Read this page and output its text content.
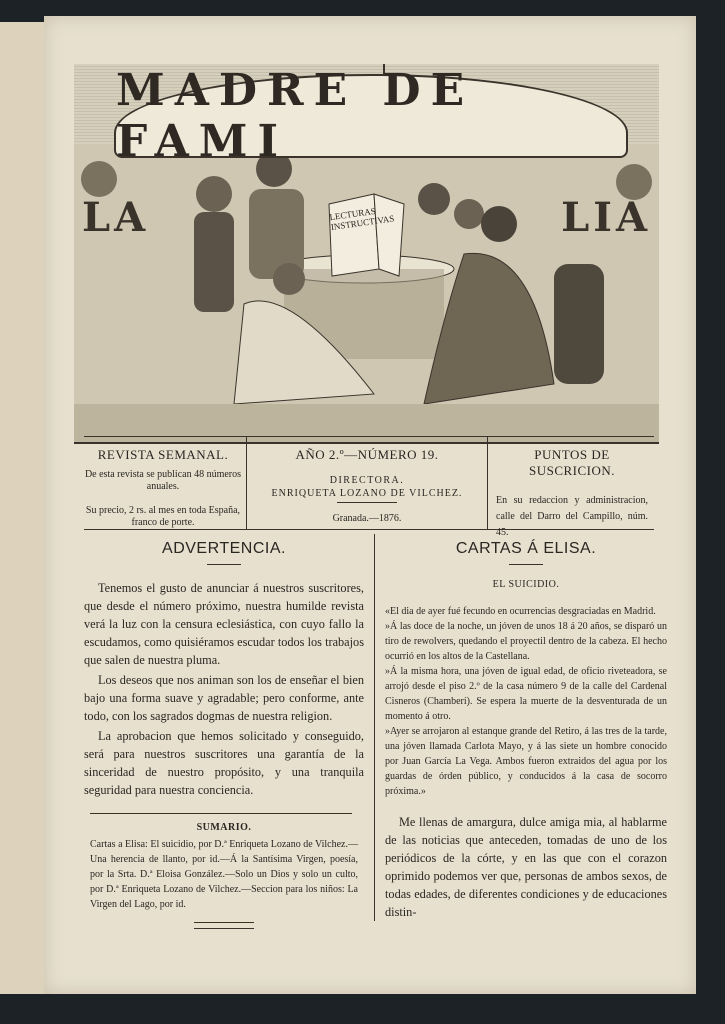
MADRE DE FAMI
LA	LIA
LECTURAS INSTRUCTIVAS
REVISTA SEMANAL.
De esta revista se publican 48 números anuales.
Su precio, 2 rs. al mes en toda España, franco de porte.
AÑO 2.º—NÚMERO 19.
DIRECTORA.
ENRIQUETA LOZANO DE VILCHEZ.
Granada.—1876.
PUNTOS DE SUSCRICION.
En su redaccion y administracion, calle del Darro del Campillo, núm. 45.
ADVERTENCIA.

Tenemos el gusto de anunciar á nuestros suscritores, que desde el número próximo, nuestra humilde revista verá la luz con la censura eclesiástica, con cuyo fallo la escudamos, como quisiéramos escudar todos los trabajos que salen de nuestra pluma.

Los deseos que nos animan son los de enseñar el bien bajo una forma suave y agradable; pero conforme, ante todo, con los sagrados dogmas de nuestra religion.

La aprobacion que hemos solicitado y conseguido, será para nuestros suscritores una garantía de la sinceridad de nuestro propósito, y una tranquila seguridad para nuestra conciencia.

SUMARIO.
Cartas a Elisa: El suicidio, por D.ª Enriqueta Lozano de Vilchez.—Una herencia de llanto, por id.—Á la Santísima Virgen, poesía, por la Srta. D.ª Eloisa González.—Solo un Dios y solo un culto, por D.ª Enriqueta Lozano de Vilchez.—Seccion para los niños: La Virgen del Lago, por id.
CARTAS Á ELISA.
EL SUICIDIO.

«El dia de ayer fué fecundo en ocurrencias desgraciadas en Madrid.

»Á las doce de la noche, un jóven de unos 18 á 20 años, se disparó un tiro de rewolvers, quedando el proyectil dentro de la cabeza. El hecho ocurrió en los altos de la Castellana.

»Á la misma hora, una jóven de igual edad, de oficio riveteadora, se arrojó desde el piso 2.º de la casa número 9 de la calle del Cardenal Cisneros (Chamberí). Se espera la muerte de la desventurada de un momento á otro.

»Ayer se arrojaron al estanque grande del Retiro, á las tres de la tarde, una jóven llamada Carlota Mayo, y á las siete un hombre conocido por Juan García La Vega. Ambos fueron extraidos del agua por los guardas de órden público, y conducidos á la casa de socorro próxima.»

Me llenas de amargura, dulce amiga mia, al hablarme de las noticias que anteceden, tomadas de uno de los periódicos de la córte, y en las que con el corazon oprimido podemos ver que, personas de ambos sexos, de todas edades, de diferentes condiciones y de educaciones distin-
